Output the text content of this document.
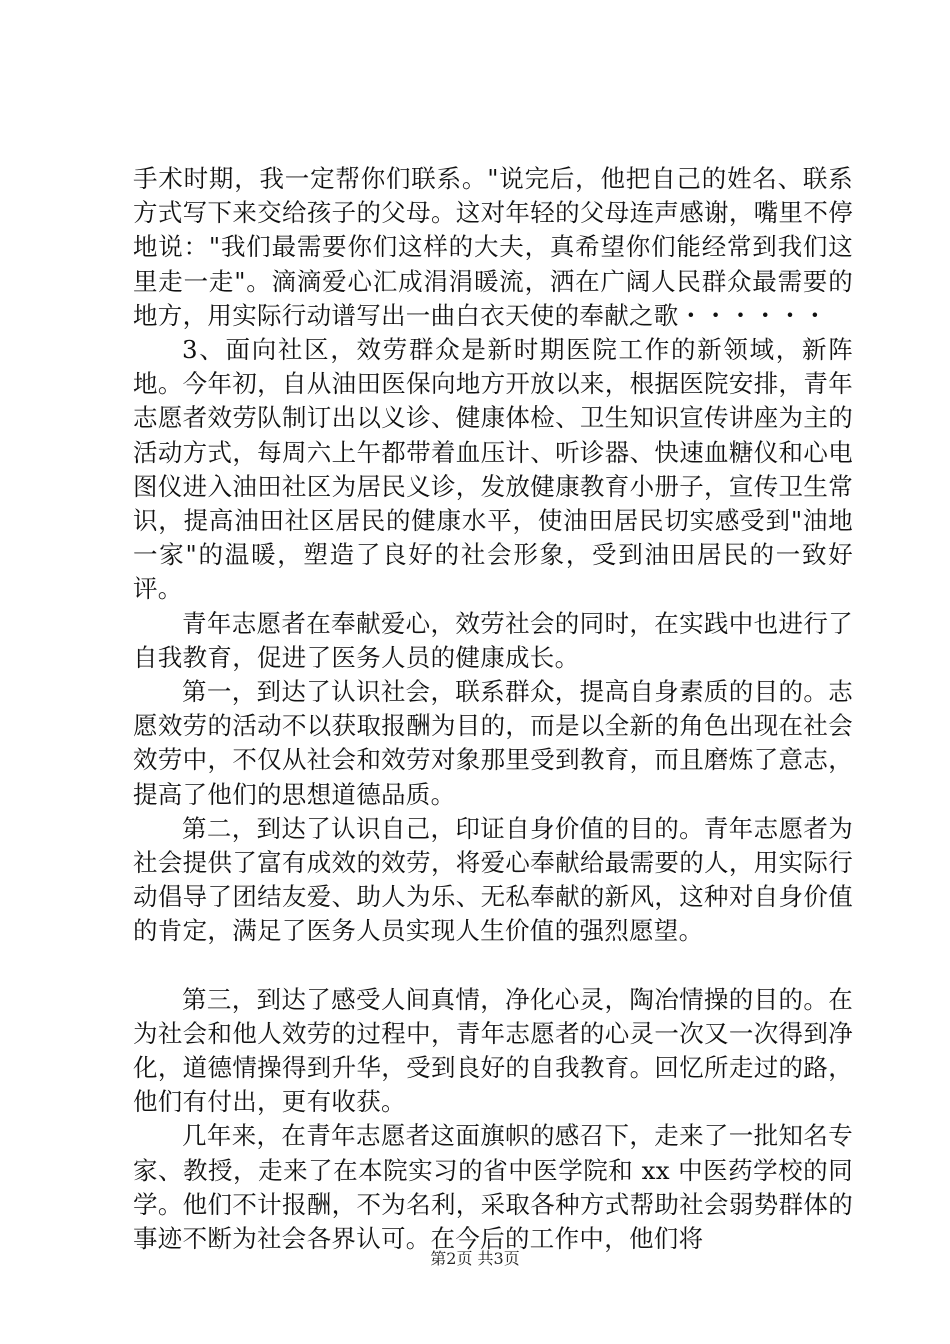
手术时期，我一定帮你们联系。"说完后，他把自己的姓名、联系方式写下来交给孩子的父母。这对年轻的父母连声感谢，嘴里不停地说："我们最需要你们这样的大夫，真希望你们能经常到我们这里走一走"。滴滴爱心汇成涓涓暖流，洒在广阔人民群众最需要的地方，用实际行动谱写出一曲白衣天使的奉献之歌・・・・・・

3、面向社区，效劳群众是新时期医院工作的新领域，新阵地。今年初，自从油田医保向地方开放以来，根据医院安排，青年志愿者效劳队制订出以义诊、健康体检、卫生知识宣传讲座为主的活动方式，每周六上午都带着血压计、听诊器、快速血糖仪和心电图仪进入油田社区为居民义诊，发放健康教育小册子，宣传卫生常识，提高油田社区居民的健康水平，使油田居民切实感受到"油地一家"的温暖，塑造了良好的社会形象，受到油田居民的一致好评。

青年志愿者在奉献爱心，效劳社会的同时，在实践中也进行了自我教育，促进了医务人员的健康成长。

第一，到达了认识社会，联系群众，提高自身素质的目的。志愿效劳的活动不以获取报酬为目的，而是以全新的角色出现在社会效劳中，不仅从社会和效劳对象那里受到教育，而且磨炼了意志，提高了他们的思想道德品质。

第二，到达了认识自己，印证自身价值的目的。青年志愿者为社会提供了富有成效的效劳，将爱心奉献给最需要的人，用实际行动倡导了团结友爱、助人为乐、无私奉献的新风，这种对自身价值的肯定，满足了医务人员实现人生价值的强烈愿望。

第三，到达了感受人间真情，净化心灵，陶冶情操的目的。在为社会和他人效劳的过程中，青年志愿者的心灵一次又一次得到净化，道德情操得到升华，受到良好的自我教育。回忆所走过的路，他们有付出，更有收获。

几年来，在青年志愿者这面旗帜的感召下，走来了一批知名专家、教授，走来了在本院实习的省中医学院和 xx 中医药学校的同学。他们不计报酬，不为名利，采取各种方式帮助社会弱势群体的事迹不断为社会各界认可。在今后的工作中，他们将

第2页 共3页
